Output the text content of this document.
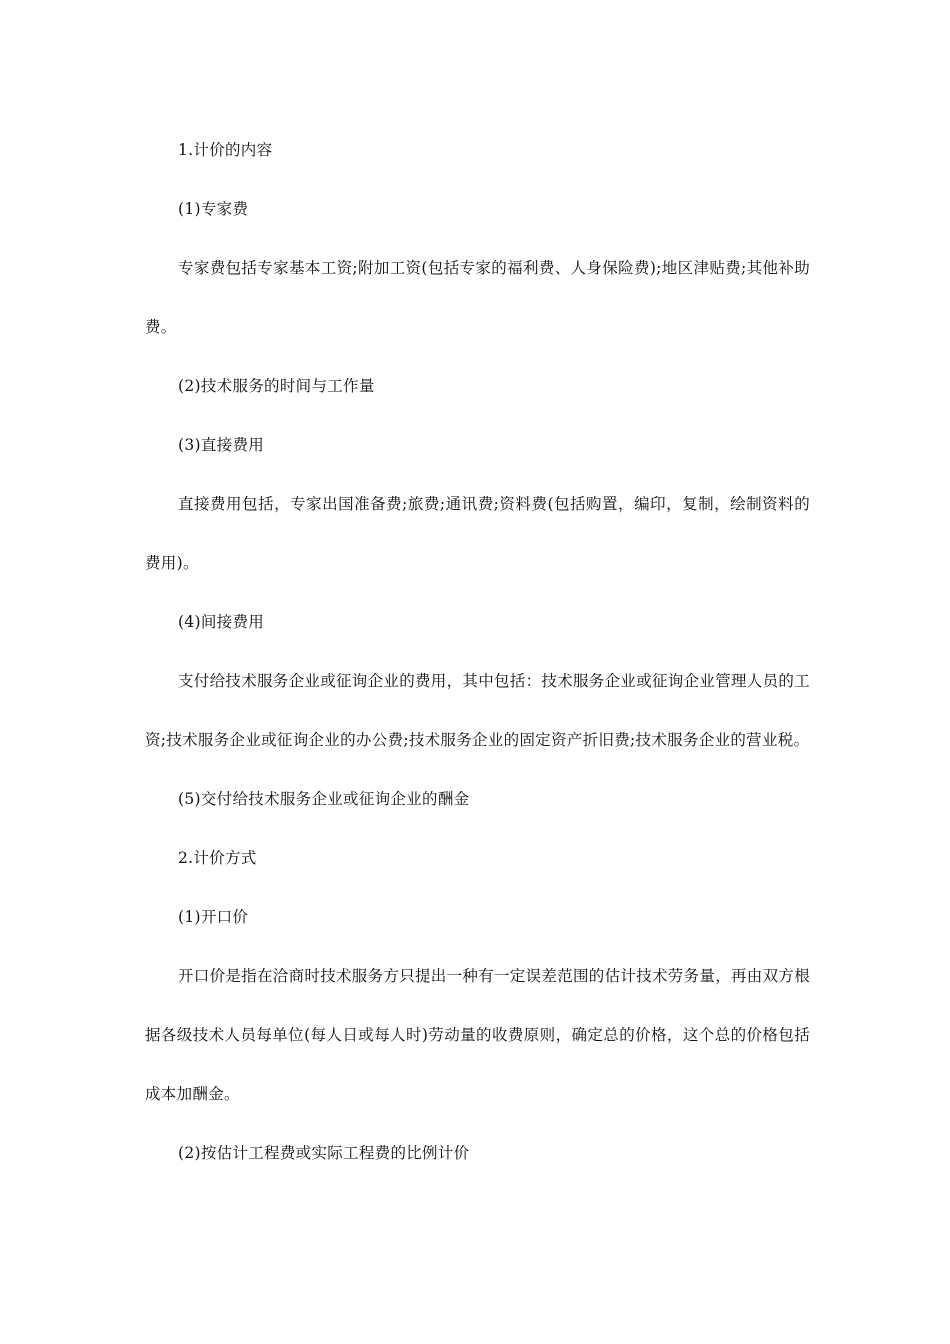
1.计价的内容

(1)专家费

专家费包括专家基本工资;附加工资(包括专家的福利费、人身保险费);地区津贴费;其他补助费。

(2)技术服务的时间与工作量

(3)直接费用

直接费用包括，专家出国准备费;旅费;通讯费;资料费(包括购置，编印，复制，绘制资料的费用)。

(4)间接费用

支付给技术服务企业或征询企业的费用，其中包括：技术服务企业或征询企业管理人员的工资;技术服务企业或征询企业的办公费;技术服务企业的固定资产折旧费;技术服务企业的营业税。

(5)交付给技术服务企业或征询企业的酬金

2.计价方式

(1)开口价

开口价是指在洽商时技术服务方只提出一种有一定误差范围的估计技术劳务量，再由双方根据各级技术人员每单位(每人日或每人时)劳动量的收费原则，确定总的价格，这个总的价格包括成本加酬金。

(2)按估计工程费或实际工程费的比例计价
